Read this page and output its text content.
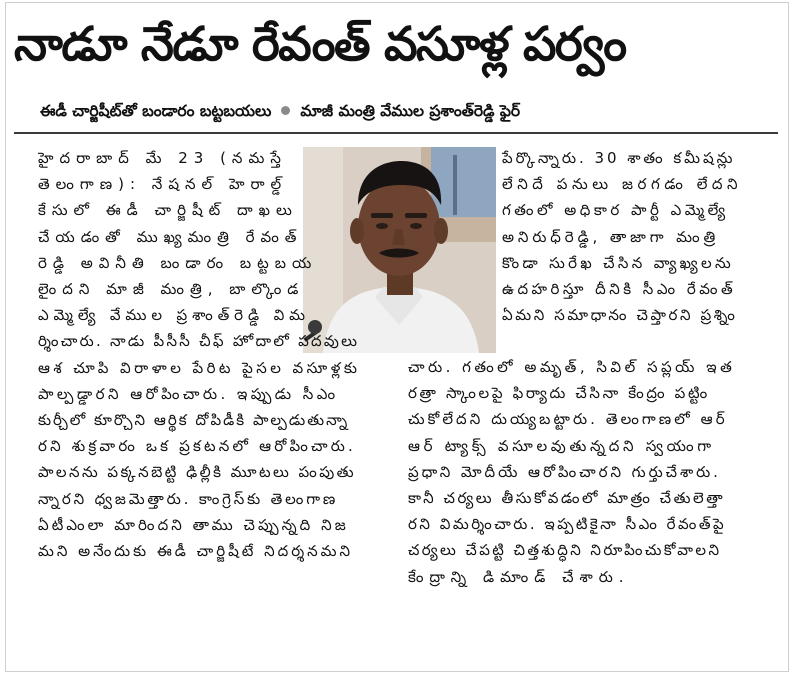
నాడూ నేడూ రేవంత్ వసూళ్ల పర్వం
ఈడీ చార్జిషీట్‌తో బండారం బట్టబయలు మాజీ మంత్రి వేముల ప్రశాంత్‌రెడ్డి ఫైర్
హైదరాబాద్ మే 23 (నమస్తే
తెలంగాణ): నేషనల్ హెరాల్డ్
కేసులో ఈడీ చార్జిషీట్ దాఖలు
చేయడంతో ముఖ్యమంత్రి రేవంత్
రెడ్డి అవినీతి బండారం బట్టబయ
లైందని మాజీ మంత్రి, బాల్కొండ
ఎమ్మెల్యే వేముల ప్రశాంత్‌రెడ్డి విమ
ర్శించారు. నాడు పీసీసీ చీఫ్ హోదాలో పదవులు
ఆశ చూపి విరాళాల పేరిట పైసల వసూళ్లకు
పాల్పడ్డారని ఆరోపించారు. ఇప్పుడు సీఎం
కుర్చీలో కూర్చొని ఆర్థిక దోపిడీకి పాల్పడుతున్నా
రని శుక్రవారం ఒక ప్రకటనలో ఆరోపించారు.
పాలనను పక్కనబెట్టి ఢిల్లీకి మూటలు పంపుతు
న్నారని ధ్వజమెత్తారు. కాంగ్రెస్‌కు తెలంగాణ
ఏటీఎంలా మారిందని తాము చెప్పున్నది నిజ
మని అనేందుకు ఈడీ చార్జిషీటే నిదర్శనమని
పేర్కొన్నారు. 30 శాతం కమీషన్లు
లేనిదే పనులు జరగడం లేదని
గతంలో అధికార పార్టీ ఎమ్మెల్యే
అనిరుధ్‌రెడ్డి, తాజాగా మంత్రి
కొండా సురేఖ చేసిన వ్యాఖ్యలను
ఉదహరిస్తూ దీనికి సీఎం రేవంత్
ఏమని సమాధానం చెప్తారని ప్రశ్నిం
చారు. గతంలో అమృత్, సివిల్ సప్లయ్ ఇత
రత్రా స్కాంలపై ఫిర్యాదు చేసినా కేంద్రం పట్టిం
చుకోలేదని దుయ్యబట్టారు. తెలంగాణలో ఆర్
ఆర్ ట్యాక్స్ వసూలవుతున్నదని స్వయంగా
ప్రధాని మోదీయే ఆరోపించారని గుర్తుచేశారు.
కానీ చర్యలు తీసుకోవడంలో మాత్రం చేతులెత్తా
రని విమర్శించారు. ఇప్పటికైనా సీఎం రేవంత్‌పై
చర్యలు చేపట్టి చిత్తశుద్ధిని నిరూపించుకోవాలని
కేంద్రాన్ని డిమాండ్ చేశారు.
